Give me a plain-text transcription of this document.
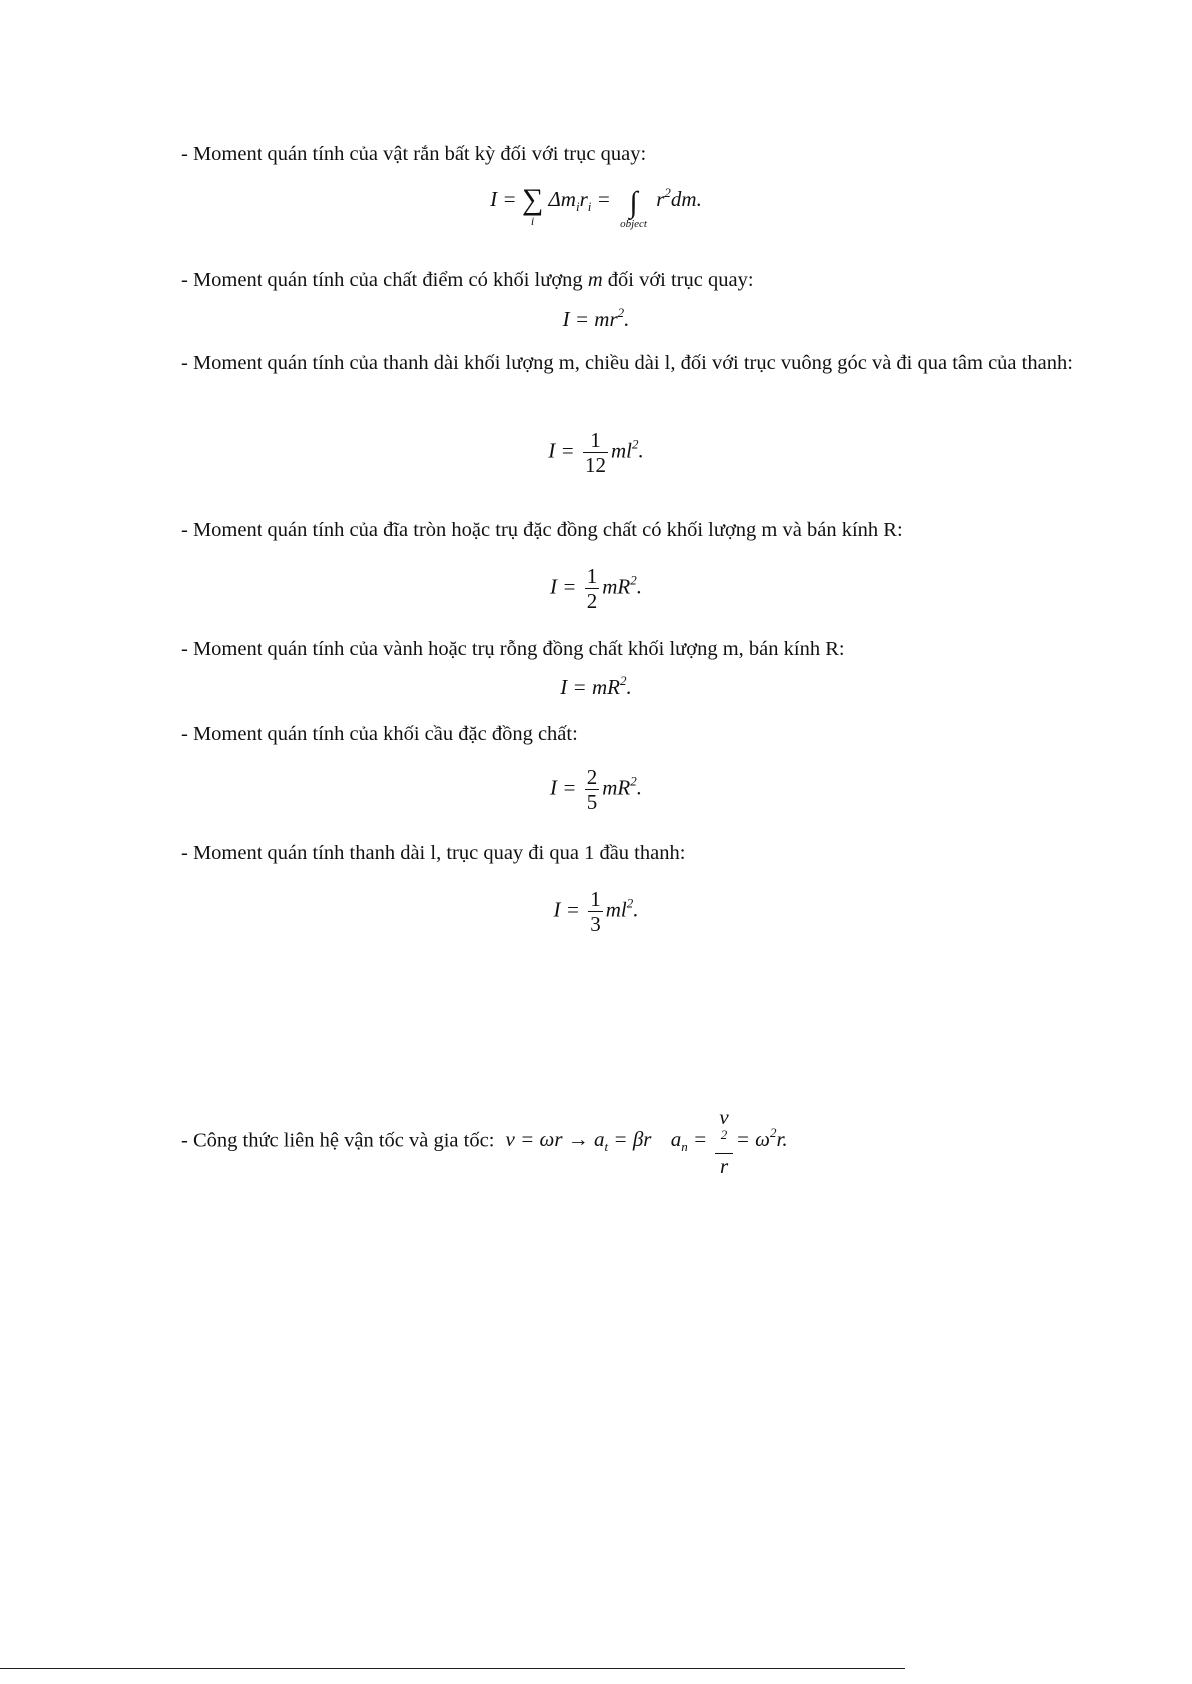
- Moment quán tính của vật rắn bất kỳ đối với trục quay:
I = ∑
i
$\Delta m_ir_i$ = ∫
object
$r^2dm$.
- Moment quán tính của chất điểm có khối lượng m đối với trục quay:
$I = mr^2$.
- Moment quán tính của thanh dài khối lượng m, chiều dài l, đối với trục vuông góc và đi qua tâm của thanh:
$I = \frac{1}{12} ml^2$.
- Moment quán tính của đĩa tròn hoặc trụ đặc đồng chất có khối lượng m và bán kính R:
$I = \frac{1}{2} mR^2$.
- Moment quán tính của vành hoặc trụ rỗng đồng chất khối lượng m, bán kính R:
$I = mR^2$.
- Moment quán tính của khối cầu đặc đồng chất:
$I = \frac{2}{5} mR^2$.
- Moment quán tính thanh dài l, trục quay đi qua 1 đầu thanh:
$I = \frac{1}{3} ml^2$.
- Công thức liên hệ vận tốc và gia tốc: $v = \omega r \to a_t = \beta r$ $a_n = v$
$^2$
$r = \omega^2r$.
